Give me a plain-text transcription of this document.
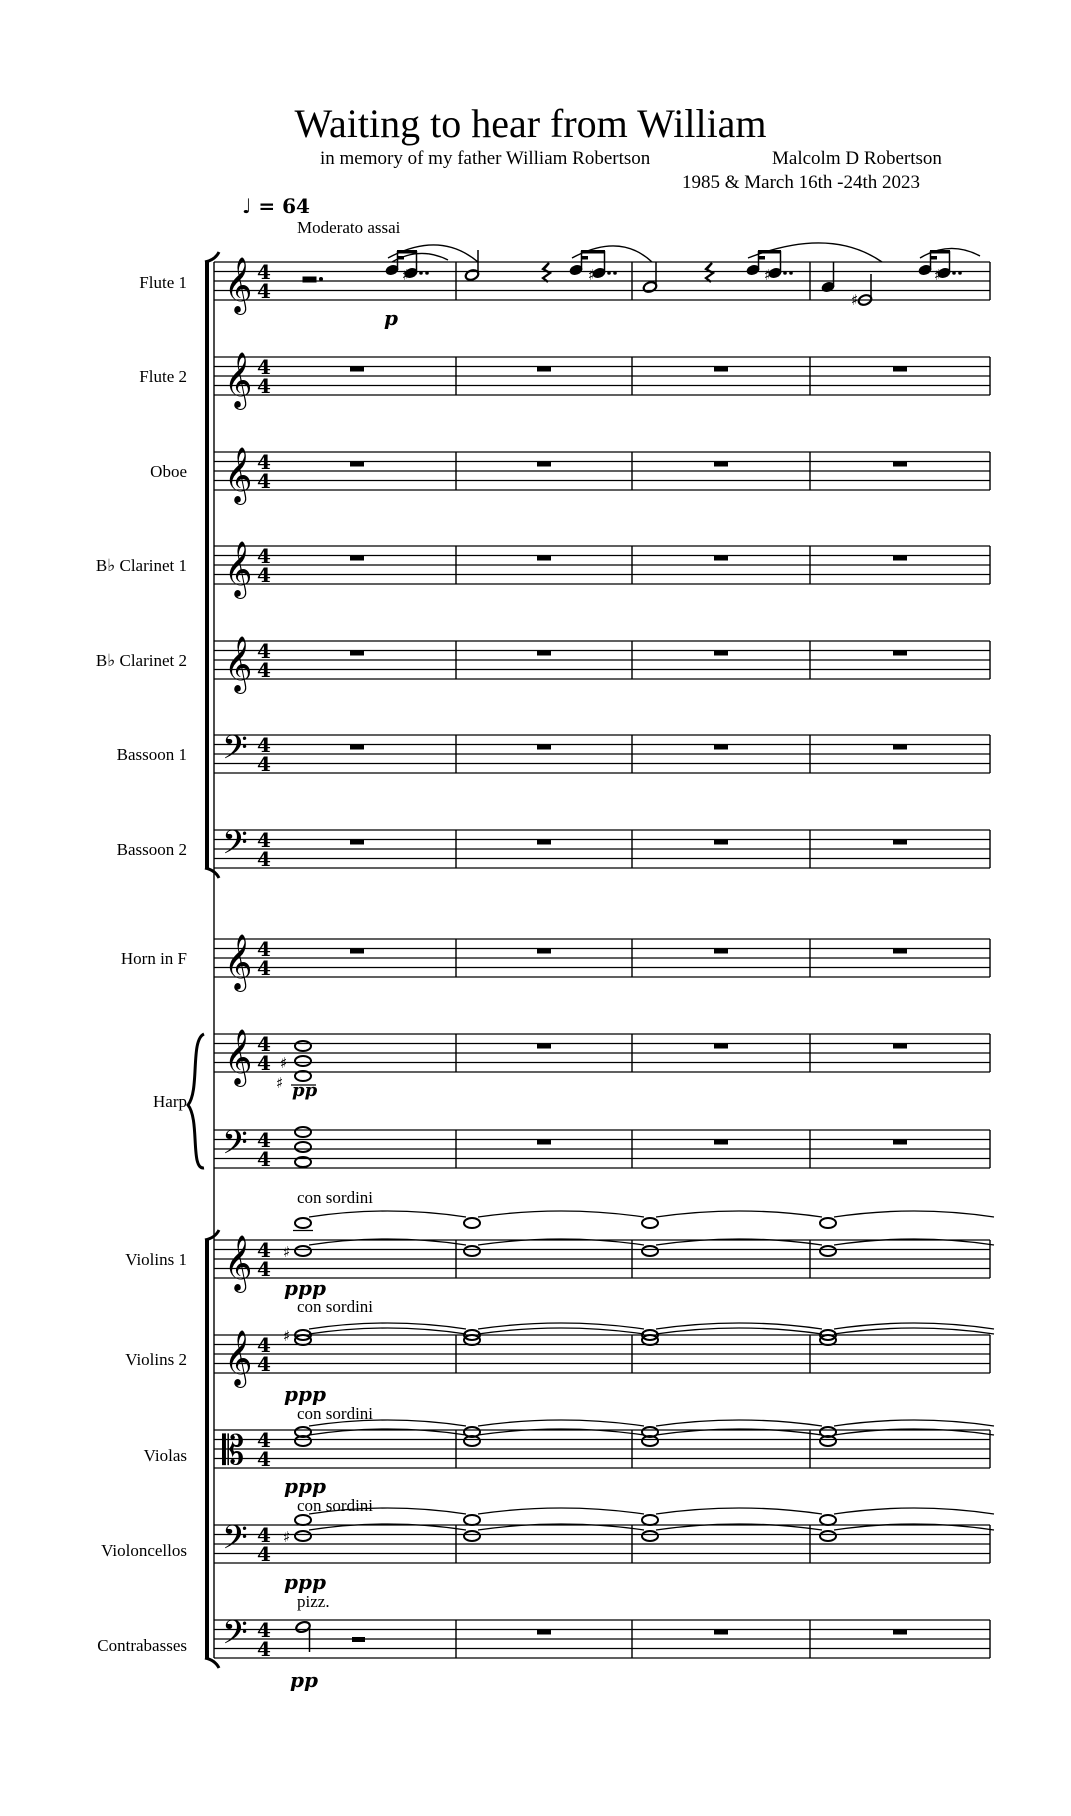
Waiting to hear from William
in memory of my father William Robertson	Malcolm D Robertson
1985 & March 16th -24th 2023
♩ = 64
Moderato assai
Flute 1
Flute 2
Oboe
B♭ Clarinet 1
B♭ Clarinet 2
Bassoon 1
Bassoon 2
Horn in F
Harp
Violins 1
Violins 2
Violas
Violoncellos
Contrabasses
con sordini
con sordini
con sordini
con sordini
pizz.
p
pp
ppp
ppp
ppp
ppp
pp
𝄞
𝄞
𝄞
𝄞
𝄞
𝄢
𝄢
𝄞
𝄞
𝄢
𝄞
𝄞
𝄡
𝄢
𝄢
4
4
4
4
4
4
4
4
4
4
4
4
4
4
4
4
4
4
4
4
4
4
4
4
4
4
4
4
4
4
♯	♯	♯
♯
♯
♯
♯
♯
♯
♯
